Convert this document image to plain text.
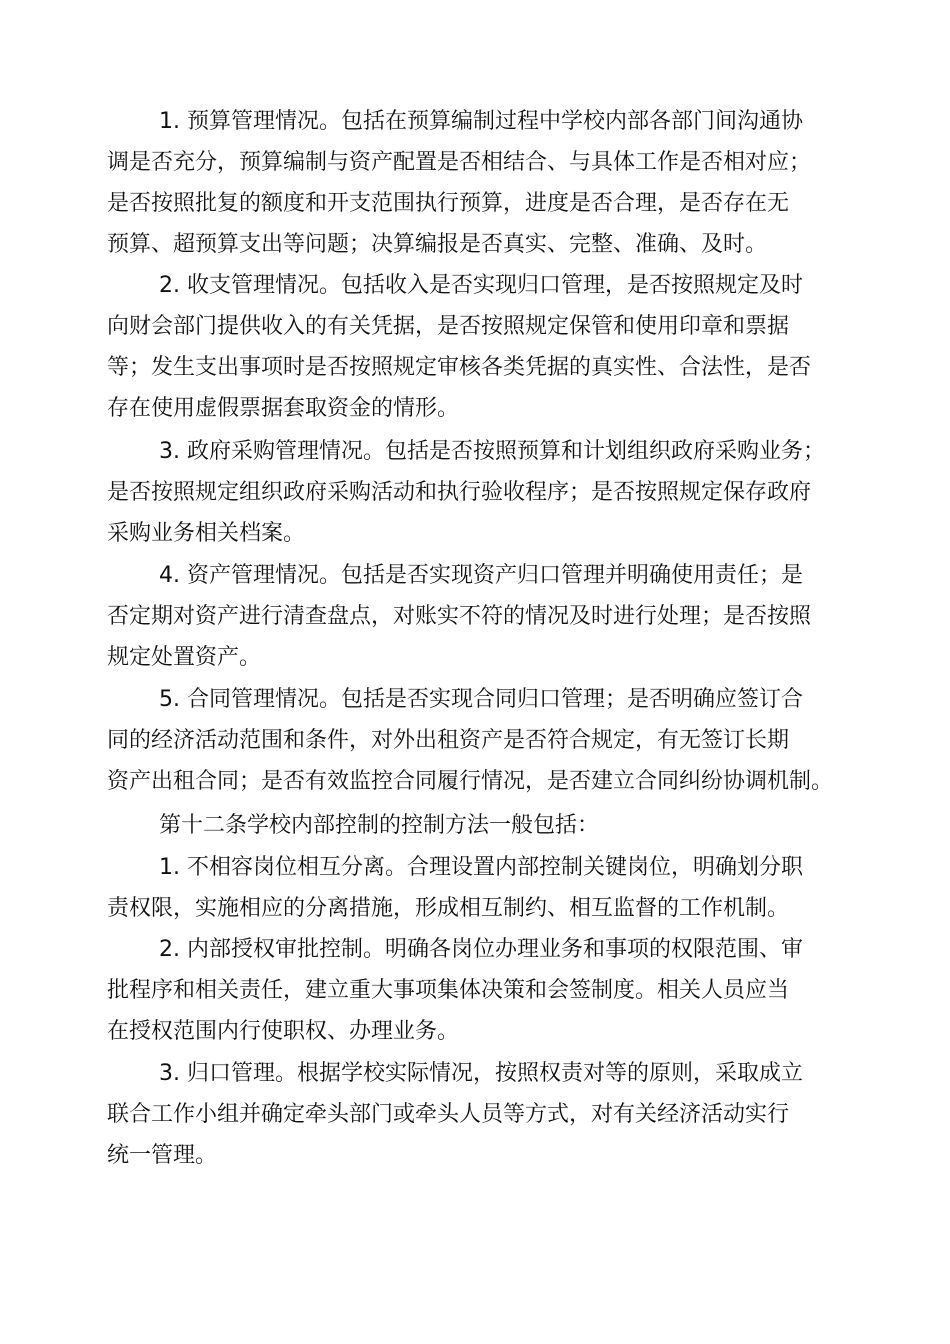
1. 预算管理情况。包括在预算编制过程中学校内部各部门间沟通协
调是否充分，预算编制与资产配置是否相结合、与具体工作是否相对应；
是否按照批复的额度和开支范围执行预算，进度是否合理，是否存在无
预算、超预算支出等问题；决算编报是否真实、完整、准确、及时。

2. 收支管理情况。包括收入是否实现归口管理，是否按照规定及时
向财会部门提供收入的有关凭据，是否按照规定保管和使用印章和票据
等；发生支出事项时是否按照规定审核各类凭据的真实性、合法性，是否
存在使用虚假票据套取资金的情形。

3. 政府采购管理情况。包括是否按照预算和计划组织政府采购业务；
是否按照规定组织政府采购活动和执行验收程序；是否按照规定保存政府
采购业务相关档案。

4. 资产管理情况。包括是否实现资产归口管理并明确使用责任；是
否定期对资产进行清查盘点，对账实不符的情况及时进行处理；是否按照
规定处置资产。

5. 合同管理情况。包括是否实现合同归口管理；是否明确应签订合
同的经济活动范围和条件，对外出租资产是否符合规定，有无签订长期
资产出租合同；是否有效监控合同履行情况，是否建立合同纠纷协调机制。

第十二条学校内部控制的控制方法一般包括：

1. 不相容岗位相互分离。合理设置内部控制关键岗位，明确划分职
责权限，实施相应的分离措施，形成相互制约、相互监督的工作机制。

2. 内部授权审批控制。明确各岗位办理业务和事项的权限范围、审
批程序和相关责任，建立重大事项集体决策和会签制度。相关人员应当
在授权范围内行使职权、办理业务。

3. 归口管理。根据学校实际情况，按照权责对等的原则，采取成立
联合工作小组并确定牵头部门或牵头人员等方式，对有关经济活动实行
统一管理。
